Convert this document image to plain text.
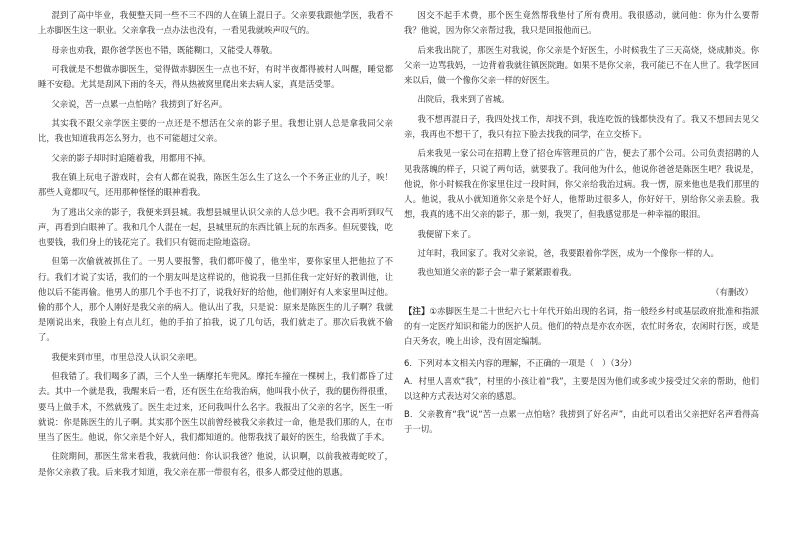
混到了高中毕业，我便整天同一些不三不四的人在镇上混日子。父亲要我跟他学医，我看不上赤脚医生这一职业。父亲拿我一点办法也没有，一看见我就唉声叹气的。

母亲也劝我，跟你爸学医也不错，既能糊口，又能受人尊敬。

可我就是不想做赤脚医生，觉得做赤脚医生一点也不好，有时半夜都得被村人叫醒，睡觉都睡不安稳。尤其是刮风下雨的冬天，得从热被窝里爬出来去病人家，真是活受罪。

父亲说，苦一点累一点怕啥？我捞到了好名声。

其实我不跟父亲学医主要的一点还是不想活在父亲的影子里。我想让别人总是拿我同父亲比，我也知道我再怎么努力，也不可能超过父亲。

父亲的影子却时时追随着我，用都用不掉。

我在镇上玩电子游戏时，会有人都在说我，陈医生怎么生了这么一个不务正业的儿子，唉！那些人竟都叹气，还用那种怪怪的眼神看我。

为了逃出父亲的影子，我便来到县城。我想县城里认识父亲的人总少吧。我不会再听到叹气声，再看到白眼神了。我和几个人混在一起，县城里玩的东西比镇上玩的东西多。但玩要钱，吃也要钱，我们身上的钱花完了。我们只有铤而走险地盗窃。

但第一次偷就被抓住了。一男人要报警，我们都吓傻了，他坐牢，要你家里人把他拉了不行。我们才说了实话，我们的一个朋友叫是这样说的，他说我一旦抓住我一定好好的教训他，让他以后不能再偷。他男人的那几个手也不打了，说我好好的给他，他们刚好有人来家里叫过他。偷的那个人，那个人刚好是我父亲的病人。他认出了我，只是说：原来是陈医生的儿子啊？我就是刚说出来，我脸上有点儿红，他的手拍了拍我，说了几句话，我们就走了。那次后我就不偷了。

我便来到市里，市里总没人认识父亲吧。

但我错了。我们喝多了酒，三个人坐一辆摩托车兜风。摩托车撞在一棵树上，我们都昏了过去。其中一个就是我，我醒来后一看，还有医生在给我治病，他叫我小伙子，我的腿伤得很重，要马上做手术，不然就残了。医生走过来，还问我叫什么名字。我报出了父亲的名字，医生一听就说：你是陈医生的儿子啊。其实那个医生以前曾经被我父亲救过一命，他是我们那的人，在市里当了医生。他说，你父亲是个好人，我们都知道的。他帮我找了最好的医生，给我做了手术。

住院期间，那医生常来看我，我就问他：你认识我爸？他说，认识啊，以前我被毒蛇咬了，是你父亲救了我。后来我才知道，我父亲在那一带很有名，很多人都受过他的恩惠。

因交不起手术费，那个医生竟然帮我垫付了所有费用。我很感动，就问他：你为什么要帮我？他说，因为你父亲帮过我，我只是回报他而已。

后来我出院了，那医生对我说，你父亲是个好医生，小时候我生了三天高烧，烧成肺炎。你父亲一边骂我妈，一边背着我就往镇医院跑。如果不是你父亲，我可能已不在人世了。我学医回来以后，做一个像你父亲一样的好医生。

出院后，我来到了省城。

我不想再混日子，我四处找工作，却找不到，我连吃饭的钱都快没有了。我又不想回去见父亲，我再也不想干了，我只有拉下脸去找我的同学，在立交桥下。

后来我见一家公司在招聘上登了招仓库管理员的广告，便去了那个公司。公司负责招聘的人见我落魄的样子，只说了两句话，就要我了。我问他为什么，他说你爸爸是陈医生吧？我说是，他说，你小时候我在你家里住过一段时间，你父亲给我治过病。我一愣，原来他也是我们那里的人。他说，我从小就知道你父亲是个好人，他帮助过很多人，你好好干，别给你父亲丢脸。我想，我真的逃不出父亲的影子，那一刻，我哭了，但我感觉那是一种幸福的眼泪。

我便留下来了。

过年时，我回家了。我对父亲说，爸，我要跟着你学医，成为一个像你一样的人。

我也知道父亲的影子会一辈子紧紧跟着我。

（有删改）

【注】①赤脚医生是二十世纪六七十年代开始出现的名词，指一般经乡村或基层政府批准和指派的有一定医疗知识和能力的医护人员。他们的特点是亦农亦医，农忙时务农，农闲时行医，或是白天务农，晚上出诊，没有固定编制。

6．下列对本文相关内容的理解，不正确的一项是（　）（3分）

A．村里人喜欢“我”，村里的小孩让着“我”，主要是因为他们或多或少接受过父亲的帮助，他们以这种方式表达对父亲的感恩。

B．父亲教育“我”说“苦一点累一点怕啥？我捞到了好名声”，由此可以看出父亲把好名声看得高于一切。
